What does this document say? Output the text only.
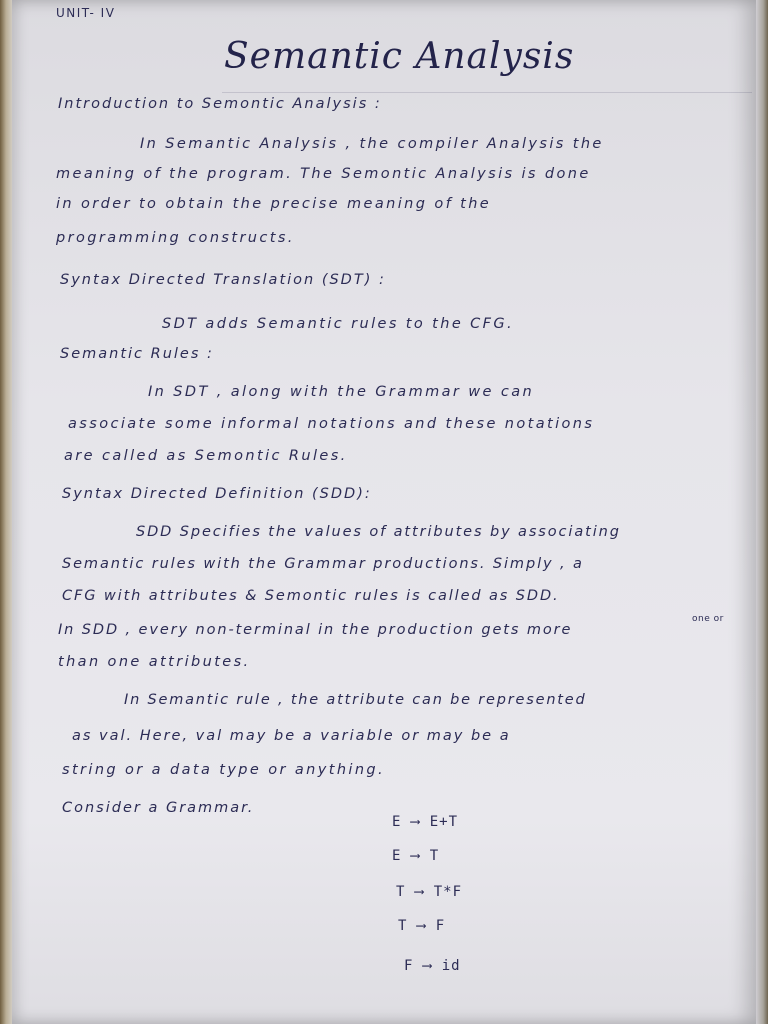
UNIT- IV
Semantic Analysis
Introduction to Semontic Analysis :
In Semantic Analysis , the compiler Analysis the
meaning of the program. The Semontic Analysis is done
in order to obtain the precise meaning of the
programming constructs.
Syntax Directed Translation (SDT) :
SDT adds Semantic rules to the CFG.
Semantic Rules :
In SDT , along with the Grammar we can
associate some informal notations and these notations
are called as Semontic Rules.
Syntax Directed Definition (SDD):
SDD Specifies the values of attributes by associating
Semantic rules with the Grammar productions. Simply , a
CFG with attributes & Semontic rules is called as SDD.
one or
In SDD , every non-terminal in the production gets more
than one attributes.
In Semantic rule , the attribute can be represented
as val. Here, val may be a variable or may be a
string or a data type or anything.
Consider a Grammar.
E ⟶ E+T
E ⟶ T
T ⟶ T*F
T ⟶ F
F ⟶ id
